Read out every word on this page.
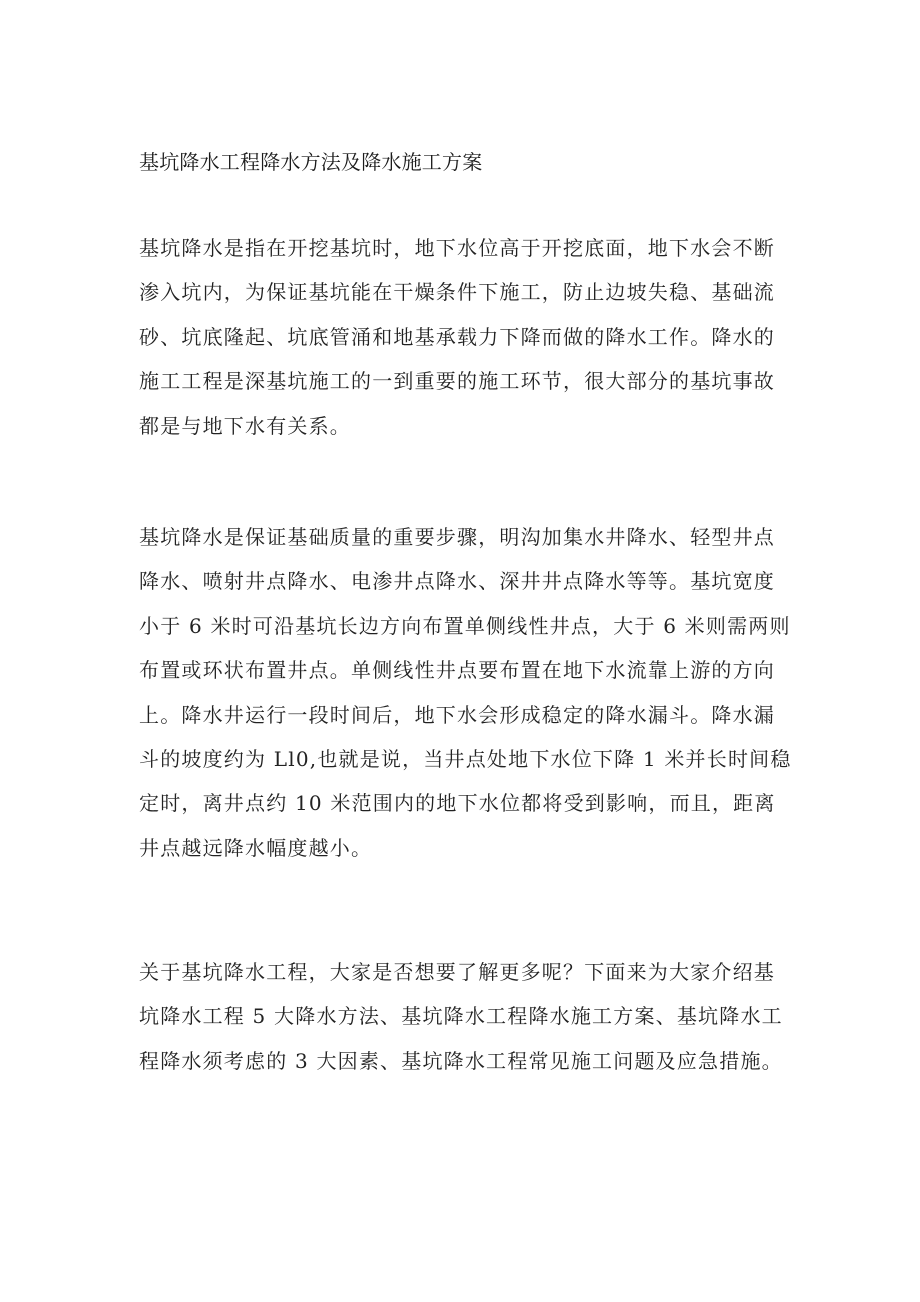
基坑降水工程降水方法及降水施工方案
基坑降水是指在开挖基坑时，地下水位高于开挖底面，地下水会不断
渗入坑内，为保证基坑能在干燥条件下施工，防止边坡失稳、基础流
砂、坑底隆起、坑底管涌和地基承载力下降而做的降水工作。降水的
施工工程是深基坑施工的一到重要的施工环节，很大部分的基坑事故
都是与地下水有关系。
基坑降水是保证基础质量的重要步骤，明沟加集水井降水、轻型井点
降水、喷射井点降水、电渗井点降水、深井井点降水等等。基坑宽度
小于 6 米时可沿基坑长边方向布置单侧线性井点，大于 6 米则需两则
布置或环状布置井点。单侧线性井点要布置在地下水流靠上游的方向
上。降水井运行一段时间后，地下水会形成稳定的降水漏斗。降水漏
斗的坡度约为 Ll0,也就是说，当井点处地下水位下降 1 米并长时间稳
定时，离井点约 10 米范围内的地下水位都将受到影响，而且，距离
井点越远降水幅度越小。
关于基坑降水工程，大家是否想要了解更多呢？下面来为大家介绍基
坑降水工程 5 大降水方法、基坑降水工程降水施工方案、基坑降水工
程降水须考虑的 3 大因素、基坑降水工程常见施工问题及应急措施。
